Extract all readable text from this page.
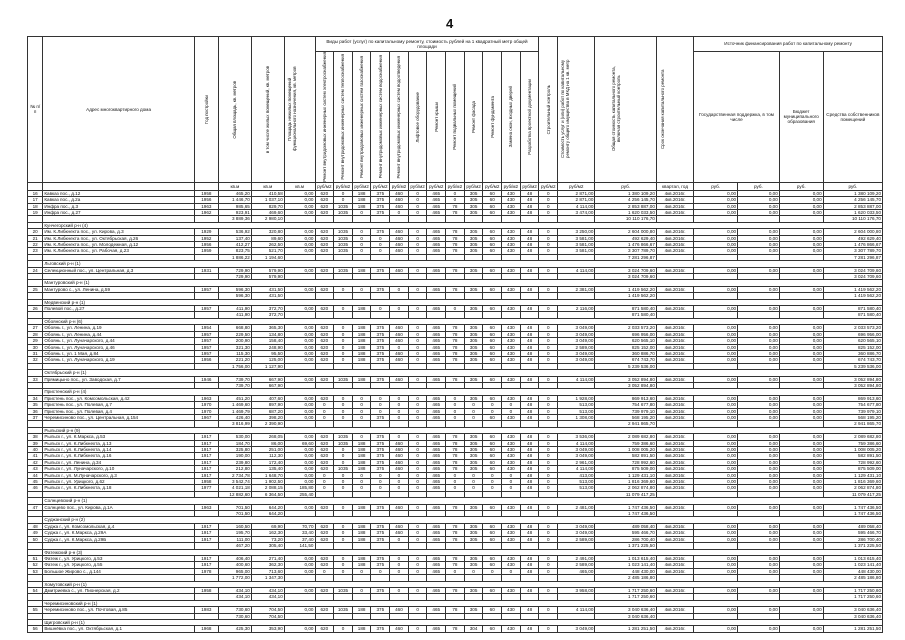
4
№ п/п	Адрес многоквартирного дома	Год постройки	Общая площадь, кв. метров	в том числе жилых помещений, кв. метров	Площадь нежилых помещений функционального назначения, кв. метров	Виды работ (услуг) по капитальному ремонту, стоимость рублей на 1 квадратный метр общей площади												Строительный контроль	Стоимость услуг и (или) работ по капитальному ремонту общего имущества в МКД на 1 кв. метр	Общая стоимость капитального ремонта, включая строительный контроль	Срок окончания капитального ремонта	Источник финансирования работ по капитальному ремонту			

						Ремонт внутридомовых инженерных систем электроснабжения	Ремонт внутридомовых инженерных систем теплоснабжения	Ремонт внутридомовых инженерных систем газоснабжения	Ремонт внутридомовых инженерных систем водоснабжения	Ремонт внутридомовых инженерных систем водоотведения	Лифтовое оборудование	Ремонт крыши	Ремонт подвальных помещений	Ремонт фасада	Ремонт фундамента	Замена окон, входных дверей	Разработка проектной документации					Государственная поддержка, в том числе		Бюджет муниципального образования	Средства собственников помещений
			кв.м	кв.м	кв.м	руб/м2	руб/м2	руб/м2	руб/м2	руб/м2	руб/м2	руб/м2	руб/м2	руб/м2	руб/м2	руб/м2	руб/м2	руб/м2	руб/м2	руб.	квартал, год	руб.	руб.	руб.	руб.
16	Кавказ пос., д.12	1958	465,20	410,58	0,00	620	0	188	375	460	0	465	0	305	60	430	48	0	2 871,00	1 380 109,20	4кв.2016г.	0,00	0,00	0,00	1 380 109,20
17	Кавказ пос., д.2а	1956	1 446,70	1 037,10	0,00	620	0	188	375	460	0	465	0	305	60	430	48	0	2 871,00	4 256 145,70	4кв.2016г.	0,00	0,00	0,00	4 256 145,70
18	Инфра пос., д.3	1963	985,65	829,70	0,00	620	1035	188	375	460	0	465	78	305	60	430	48	0	4 114,00	2 853 887,00	4кв.2016г.	0,00	0,00	0,00	2 853 887,00
19	Инфра пос., д.27	1962	923,91	469,60	0,00	620	1035	0	375	0	0	465	78	305	60	430	48	0	3 474,00	1 620 033,50	4кв.2016г.	0,00	0,00	0,00	1 620 033,50
			3 889,36	2 980,10																10 110 176,70					10 110 176,70
	Кунчегорский р-н (4)																								
20	Им. К.Либкнехта пос., ул. Кирова, д.3	1929	536,92	320,80	0,00	620	1035	0	375	460	0	465	78	305	60	430	48	0	3 250,00	2 604 000,80	4кв.2016г.	0,00	0,00	0,00	2 604 000,80
21	Им. К.Либкнехта пос., ул. Октябрьская, д.26	1952	137,40	89,60	0,00	620	1035	0	0	460	0	465	78	305	60	430	48	0	3 581,00	492 629,40	4кв.2016г.	0,00	0,00	0,00	492 629,40
22	Им. К.Либкнехта пос., ул. Молодежная, д.12	1956	412,27	262,50	0,00	620	1035	0	0	460	0	465	78	305	60	430	48	0	3 581,00	1 476 866,67	4кв.2016г.	0,00	0,00	0,00	1 476 866,67
23	Им. К.Либкнехта пос., ул. Рабочая, д.23	1959	823,75	521,70	0,00	620	1035	0	0	460	0	465	78	305	60	430	48	0	3 581,00	3 307 789,70	4кв.2016г.	0,00	0,00	0,00	3 307 789,70
			1 886,22	1 194,60																7 281 296,87					7 281 296,87
	Льговский р-н (1)																								
24	Селекционный пос., ул. Центральная, д.3	1931	729,90	579,90	0,00	620	1035	188	375	460	0	465	78	305	60	430	48	0	4 114,00	3 024 709,60	4кв.2016г.	0,00	0,00	0,00	3 024 709,60
			729,90	579,90																3 024 709,60					3 024 709,60
	Мантуровский р-н (1)																								
25	Мантурово с., ул. Ленина, д.59	1957	596,30	431,50	0,00	620	0	0	375	0	0	465	78	305	60	430	48	0	2 381,00	1 419 562,20	4кв.2016г.	0,00	0,00	0,00	1 419 562,20
			596,30	431,50																1 419 562,20					1 419 562,20
	Медвенский р-н (1)																								
26	Полевой пос., д.27	1957	411,90	372,70	0,00	620	0	188	0	0	0	465	0	305	60	430	48	0	2 116,00	871 580,40	4кв.2016г.	0,00	0,00	0,00	871 580,40
			411,90	372,70																871 580,40					871 580,40
	Обоянский р-н (6)																								
27	Обоянь г., ул. Ленина, д.19	1954	668,80	365,30	0,00	620	0	188	375	460	0	465	78	305	60	430	48	0	3 049,00	2 033 573,20	4кв.2016г.	0,00	0,00	0,00	2 033 573,20
28	Обоянь г., ул. Ленина, д.44	1957	229,50	134,80	0,00	620	0	188	375	460	0	465	78	305	60	430	48	0	3 049,00	696 956,00	4кв.2016г.	0,00	0,00	0,00	696 956,00
29	Обоянь г., ул. Луначарского, д.44	1957	200,90	158,40	0,00	620	0	188	375	460	0	465	78	305	60	430	48	0	3 049,00	620 565,10	4кв.2016г.	0,00	0,00	0,00	620 565,10
30	Обоянь г., ул. Луначарского, д.46	1957	321,30	248,90	0,00	620	0	188	375	0	0	465	78	305	60	430	48	0	2 589,00	825 152,00	4кв.2016г.	0,00	0,00	0,00	825 152,00
31	Обоянь г., ул. 1 Мая, д.84	1957	115,30	95,50	0,00	620	0	188	375	460	0	465	78	305	60	430	48	0	3 049,00	360 886,70	4кв.2016г.	0,00	0,00	0,00	360 886,70
32	Обоянь г., ул. Луначарского, д.19	1956	221,20	125,00	0,00	620	0	188	375	460	0	465	78	305	60	430	48	0	3 049,00	674 743,70	4кв.2016г.	0,00	0,00	0,00	674 743,70
			1 756,00	1 127,90																5 239 536,00					5 239 536,00
	Октябрьский р-н (1)																								
33	Прямицыно пос., ул. Заводская, д.7	1946	739,70	667,90	0,00	620	1035	188	375	460	0	465	78	305	60	430	48	0	4 114,00	3 052 894,80	4кв.2016г.	0,00	0,00	0,00	3 052 894,80
			739,70	667,90																3 052 894,80					3 052 894,80
	Пристенский р-н (4)																								
34	Пристень пос., ул. Комсомольская, д.42	1963	451,20	407,60	0,00	620	0	0	0	0	0	465	0	305	60	430	48	0	1 928,00	869 913,60	4кв.2016г.	0,00	0,00	0,00	869 913,60
35	Пристень пос., ул. Полевая, д.7	1970	1 469,60	897,90	0,00	0	0	0	0	0	0	465	0	0	0	0	48	0	513,00	754 677,80	4кв.2016г.	0,00	0,00	0,00	754 677,80
36	Пристень пос., ул. Полевая, д.4	1970	1 469,79	687,20	0,00	0	0	0	0	0	0	465	0	0	0	0	48	0	513,00	739 979,10	4кв.2016г.	0,00	0,00	0,00	739 979,10
37	Черемисиново пос., ул. Центральная, д.154	1967	426,40	398,20	0,00	0	0	0	375	0	0	465	0	0	60	430	48	0	1 308,00	568 195,20	4кв.2016г.	0,00	0,00	0,00	568 195,20
			3 816,99	2 390,90																2 941 865,70					2 941 865,70
	Рыльский р-н (9)																								
38	Рыльск г., ул. К.Маркса, д.53	1917	530,00	268,05	0,00	620	1035	0	375	0	0	465	78	305	60	430	48	0	3 536,00	2 089 682,80	4кв.2016г.	0,00	0,00	0,00	2 089 682,80
39	Рыльск г., ул. К.Либкнехта, д.13	1917	184,70	86,00	69,60	620	1035	188	375	460	0	465	78	305	60	430	48	0	4 114,00	759 386,60	4кв.2016г.	0,00	0,00	0,00	759 386,60
40	Рыльск г., ул. К.Либкнехта, д.14	1917	325,80	251,00	0,00	620	0	188	375	460	0	465	78	305	60	430	48	0	3 049,00	1 008 005,20	4кв.2016г.	0,00	0,00	0,00	1 008 005,20
41	Рыльск г., ул. К.Либкнехта, д.16	1917	190,00	112,30	0,00	620	0	188	375	460	0	465	78	305	60	430	48	0	3 049,00	582 891,50	4кв.2016г.	0,00	0,00	0,00	582 891,50
42	Рыльск г., ул. Ленина, д.34	1917	239,80	172,40	0,00	620	0	188	375	460	0	465	78	305	60	430	48	0	2 961,00	728 992,60	4кв.2016г.	0,00	0,00	0,00	728 992,60
43	Рыльск г., ул. Луначарского, д.10	1917	212,80	135,40	0,00	620	1035	188	375	460	0	465	78	305	60	430	48	0	4 114,00	875 509,00	4кв.2016г.	0,00	0,00	0,00	875 509,00
44	Рыльск г., ул. М.Луначарского, д.3	1917	2 734,78	1 648,70	0,00	0	0	0	0	0	0	465	0	0	0	0	48	0	413,00	1 129 431,10	4кв.2016г.	0,00	0,00	0,00	1 129 431,10
45	Рыльск г., ул. Урицкого, д.62	1958	3 542,74	1 902,50	0,00	0	0	0	0	0	0	465	0	0	0	0	48	0	513,00	1 816 369,60	4кв.2016г.	0,00	0,00	0,00	1 816 369,60
46	Рыльск г., ул. К.Либкнехта, д.18	1977	4 021,18	2 088,15	185,80	0	0	0	0	0	0	465	0	0	0	0	48	0	513,00	2 062 874,80	4кв.2016г.	0,00	0,00	0,00	2 062 874,80
			12 882,60	6 364,50	255,40															11 079 417,25					11 079 417,25
	Солнцевский р-н (1)																								
47	Солнцево пос., ул. Кирова, д.1А	1963	701,50	644,20	0,00	620	0	188	375	460	0	465	78	305	60	430	48	0	2 481,00	1 747 436,50	4кв.2016г.	0,00	0,00	0,00	1 747 436,50
			701,50	644,20																1 747 436,50					1 747 436,50
	Суджанский р-н (2)																								
48	Суджа г., ул. Комсомольская, д.4	1917	160,50	69,90	70,70	620	0	188	375	460	0	465	78	305	60	430	48	0	3 049,00	489 058,40	4кв.2016г.	0,00	0,00	0,00	489 058,40
49	Суджа г., ул. К.Маркса, д.29А	1917	195,70	162,30	33,40	620	0	188	375	460	0	465	78	305	60	430	48	0	3 049,00	595 466,70	4кв.2016г.	0,00	0,00	0,00	595 466,70
50	Суджа г., ул. К.Маркса, д.29Б	1917	111,00	73,20	37,40	620	0	188	375	0	0	465	78	305	60	430	48	0	2 589,00	286 700,40	4кв.2016г.	0,00	0,00	0,00	286 700,40
			467,20	305,40	141,50															1 371 225,50					1 371 225,50
	Фатежский р-н (3)																								
51	Фатеж г., ул. Урицкого, д.53	1917	406,40	271,40	0,00	620	0	188	375	0	0	465	78	305	60	430	48	0	2 491,00	1 013 615,40	4кв.2016г.	0,00	0,00	0,00	1 013 615,40
52	Фатеж г., ул. Урицкого, д.55	1917	400,60	362,30	0,00	620	0	188	375	0	0	465	78	305	60	430	48	0	2 589,00	1 023 141,40	4кв.2016г.	0,00	0,00	0,00	1 023 141,40
53	Большое Жирово с., д.144	1978	965,00	713,60	0,00	0	0	0	0	0	0	465	0	0	0	0	48	0	465,00	448 430,00	4кв.2016г.	0,00	0,00	0,00	448 430,00
			1 772,00	1 347,30																2 485 186,80					2 485 186,80
	Хомутовский р-н (1)																								
54	Дмитриевка с., ул. Пионерская, д.2	1958	434,10	434,10	0,00	620	1035	0	375	0	0	465	78	305	60	430	48	0	3 958,00	1 717 250,60	4кв.2016г.	0,00	0,00	0,00	1 717 250,60
			434,10	434,10																1 717 250,60					1 717 250,60
	Черемисиновский р-н (1)																								
55	Черемисиново пос., ул. Почтовая, д.85	1983	730,60	704,50	0,00	620	1035	188	375	460	0	465	78	305	60	430	48	0	4 114,00	3 040 636,40	4кв.2016г.	0,00	0,00	0,00	3 040 636,40
			730,60	704,50																3 040 636,40					3 040 636,40
	Щигровский р-н (1)																								
56	Вишнёвка пос., ул. Октябрьская, д.1	1968	425,30	353,90	0,00	620	0	188	375	460	0	465	78	304	60	430	48	0	3 049,00	1 281 251,50	4кв.2016г.	0,00	0,00	0,00	1 281 251,50
